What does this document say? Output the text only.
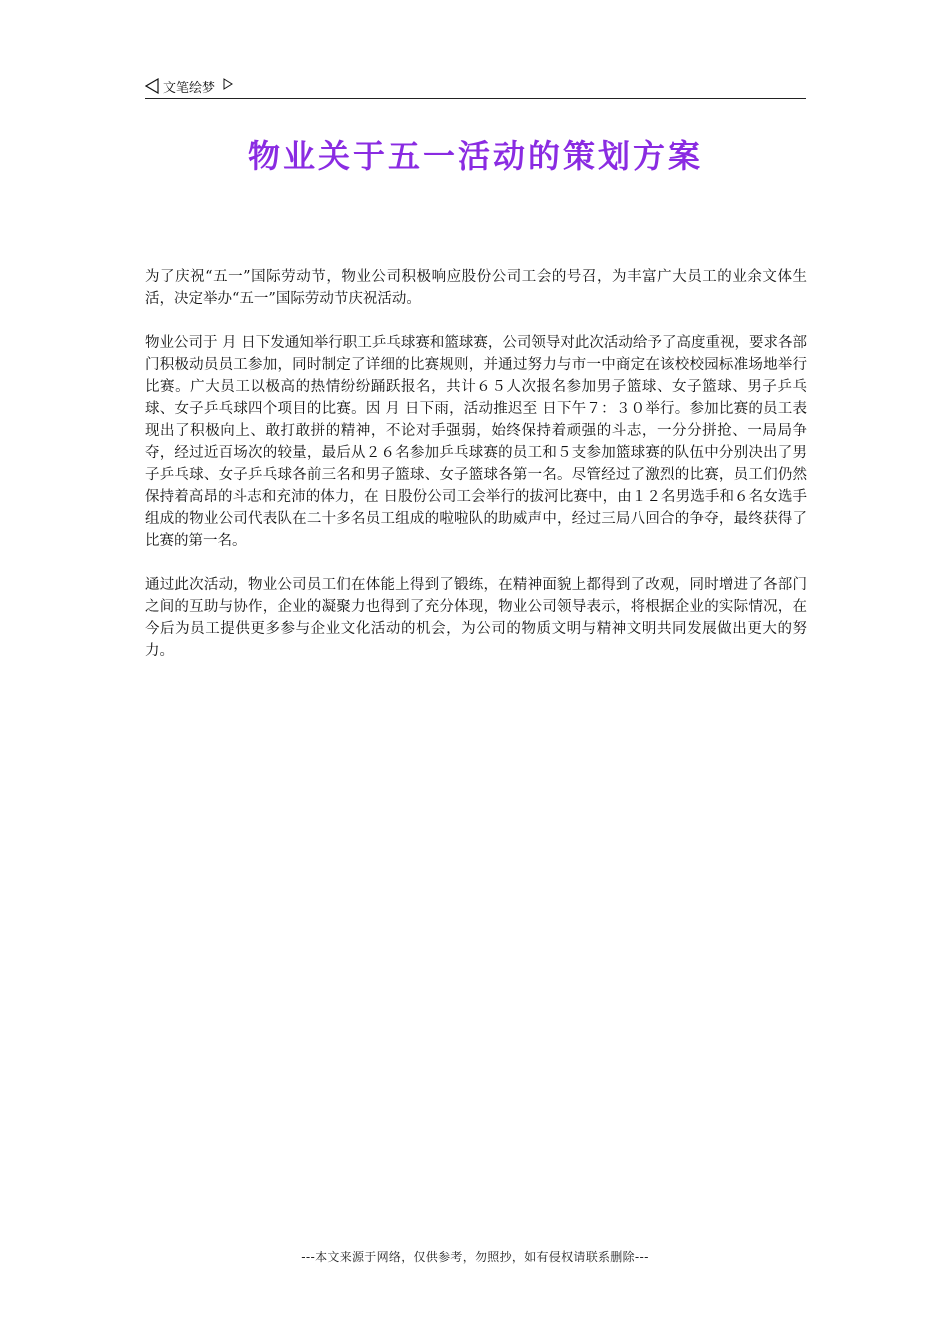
文笔绘梦
物业关于五一活动的策划方案

为了庆祝“五一”国际劳动节，物业公司积极响应股份公司工会的号召，为丰富广大员工的业余文体生活，决定举办“五一”国际劳动节庆祝活动。

物业公司于 月 日下发通知举行职工乒乓球赛和篮球赛，公司领导对此次活动给予了高度重视，要求各部门积极动员员工参加，同时制定了详细的比赛规则，并通过努力与市一中商定在该校校园标准场地举行比赛。广大员工以极高的热情纷纷踊跃报名，共计６５人次报名参加男子篮球、女子篮球、男子乒乓球、女子乒乓球四个项目的比赛。因 月 日下雨，活动推迟至 日下午７：３０举行。参加比赛的员工表现出了积极向上、敢打敢拼的精神，不论对手强弱，始终保持着顽强的斗志，一分分拼抢、一局局争夺，经过近百场次的较量，最后从２６名参加乒乓球赛的员工和５支参加篮球赛的队伍中分别决出了男子乒乓球、女子乒乓球各前三名和男子篮球、女子篮球各第一名。尽管经过了激烈的比赛，员工们仍然保持着高昂的斗志和充沛的体力，在 日股份公司工会举行的拔河比赛中，由１２名男选手和６名女选手组成的物业公司代表队在二十多名员工组成的啦啦队的助威声中，经过三局八回合的争夺，最终获得了比赛的第一名。

通过此次活动，物业公司员工们在体能上得到了锻练，在精神面貌上都得到了改观，同时增进了各部门之间的互助与协作，企业的凝聚力也得到了充分体现，物业公司领导表示，将根据企业的实际情况，在今后为员工提供更多参与企业文化活动的机会，为公司的物质文明与精神文明共同发展做出更大的努力。

---本文来源于网络，仅供参考，勿照抄，如有侵权请联系删除---
